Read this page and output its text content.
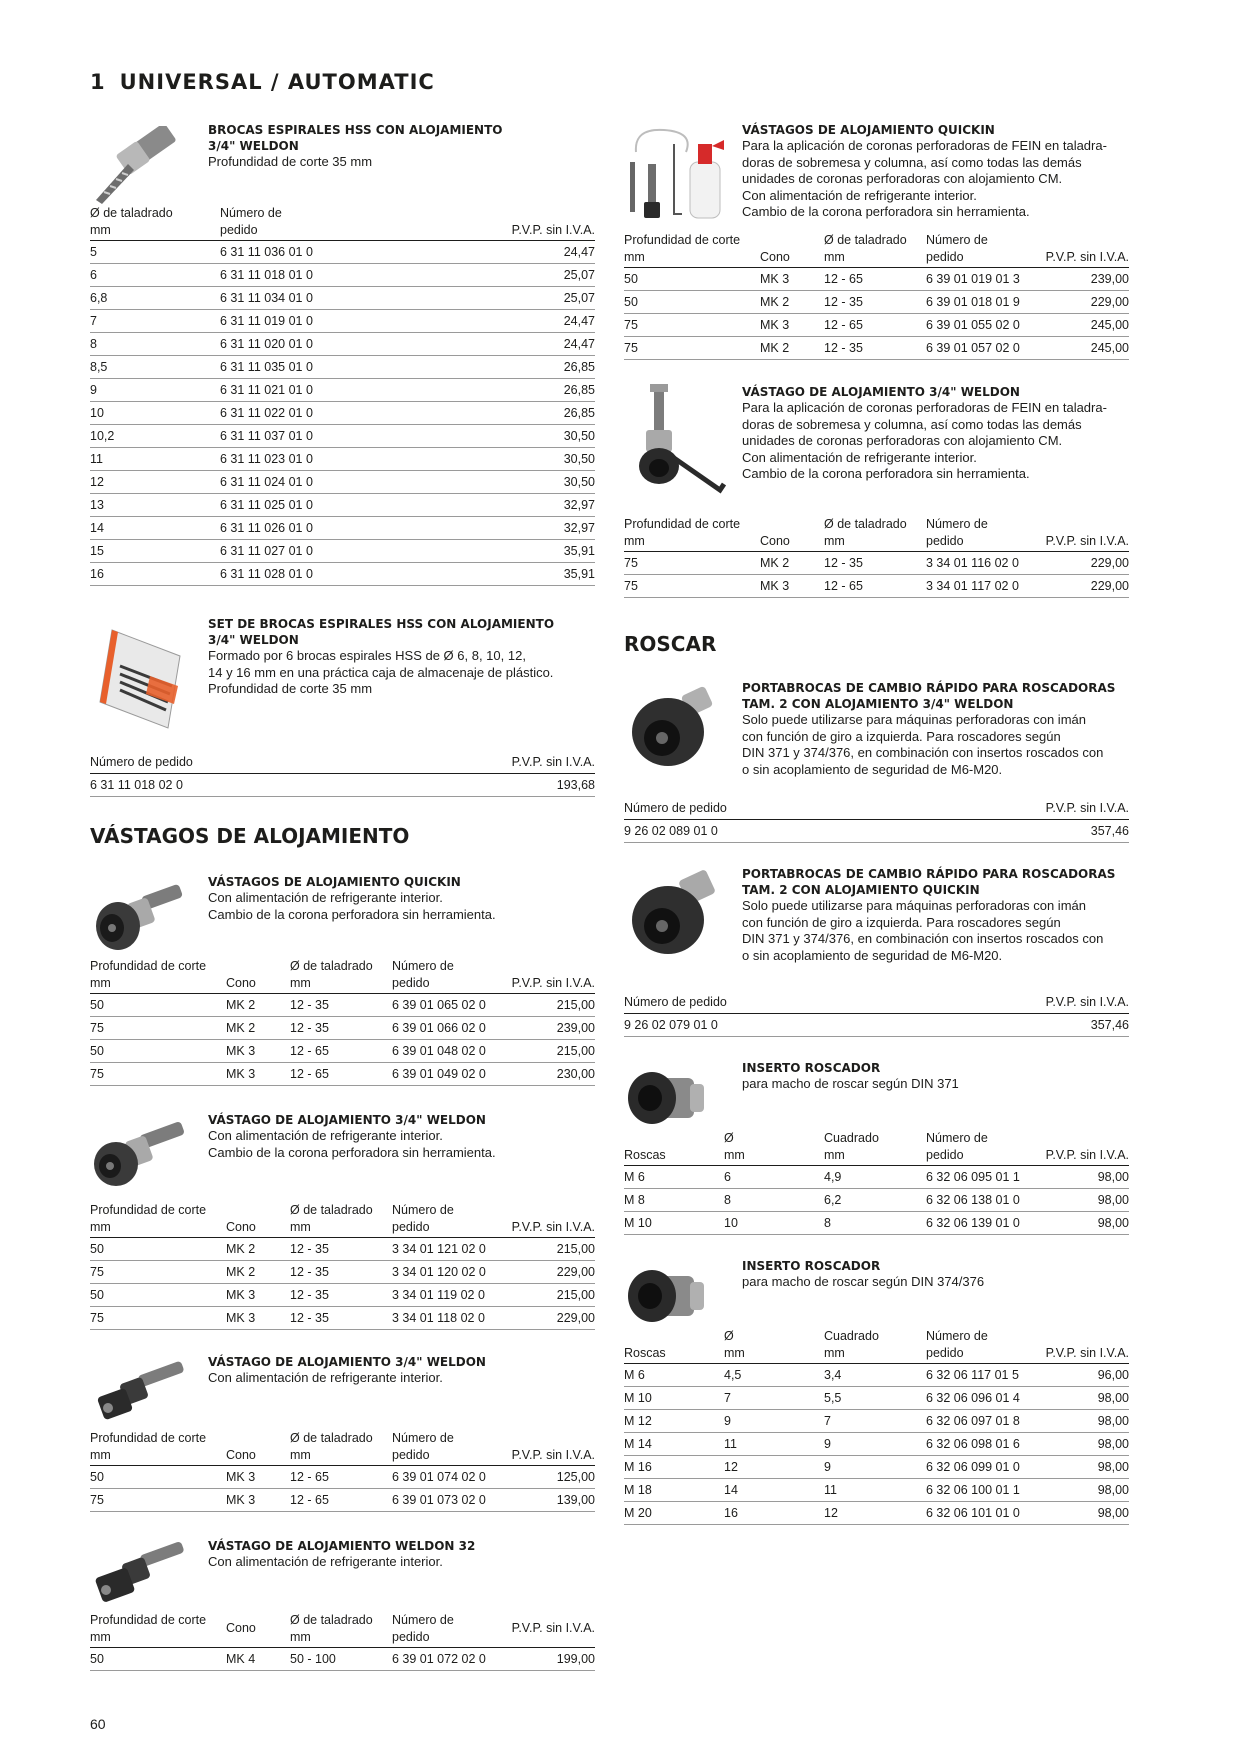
1 UNIVERSAL / AUTOMATIC
VÁSTAGOS DE ALOJAMIENTO
ROSCAR
BROCAS ESPIRALES HSS CON ALOJAMIENTO
3/4" WELDON
Profundidad de corte 35 mm
Ø de taladrado
mm	Número de
pedido	P.V.P. sin I.V.A.
5	6 31 11 036 01 0	24,47
6	6 31 11 018 01 0	25,07
6,8	6 31 11 034 01 0	25,07
7	6 31 11 019 01 0	24,47
8	6 31 11 020 01 0	24,47
8,5	6 31 11 035 01 0	26,85
9	6 31 11 021 01 0	26,85
10	6 31 11 022 01 0	26,85
10,2	6 31 11 037 01 0	30,50
11	6 31 11 023 01 0	30,50
12	6 31 11 024 01 0	30,50
13	6 31 11 025 01 0	32,97
14	6 31 11 026 01 0	32,97
15	6 31 11 027 01 0	35,91
16	6 31 11 028 01 0	35,91
SET DE BROCAS ESPIRALES HSS CON ALOJAMIENTO
3/4" WELDON
Formado por 6 brocas espirales HSS de Ø 6, 8, 10, 12,
14 y 16 mm en una práctica caja de almacenaje de plástico.
Profundidad de corte 35 mm
Número de pedido	P.V.P. sin I.V.A.
6 31 11 018 02 0	193,68
VÁSTAGOS DE ALOJAMIENTO QUICKIN
Con alimentación de refrigerante interior.
Cambio de la corona perforadora sin herramienta.
Profundidad de corte
mm	Cono	Ø de taladrado
mm	Número de
pedido	P.V.P. sin I.V.A.
50	MK 2	12 - 35	6 39 01 065 02 0	215,00
75	MK 2	12 - 35	6 39 01 066 02 0	239,00
50	MK 3	12 - 65	6 39 01 048 02 0	215,00
75	MK 3	12 - 65	6 39 01 049 02 0	230,00
VÁSTAGO DE ALOJAMIENTO 3/4" WELDON
Con alimentación de refrigerante interior.
Cambio de la corona perforadora sin herramienta.
Profundidad de corte
mm	Cono	Ø de taladrado
mm	Número de
pedido	P.V.P. sin I.V.A.
50	MK 2	12 - 35	3 34 01 121 02 0	215,00
75	MK 2	12 - 35	3 34 01 120 02 0	229,00
50	MK 3	12 - 35	3 34 01 119 02 0	215,00
75	MK 3	12 - 35	3 34 01 118 02 0	229,00
VÁSTAGO DE ALOJAMIENTO 3/4" WELDON
Con alimentación de refrigerante interior.
Profundidad de corte
mm	Cono	Ø de taladrado
mm	Número de
pedido	P.V.P. sin I.V.A.
50	MK 3	12 - 65	6 39 01 074 02 0	125,00
75	MK 3	12 - 65	6 39 01 073 02 0	139,00
VÁSTAGO DE ALOJAMIENTO WELDON 32
Con alimentación de refrigerante interior.
Profundidad de corte
mm	Cono	Ø de taladrado
mm	Número de
pedido	P.V.P. sin I.V.A.
50	MK 4	50 - 100	6 39 01 072 02 0	199,00
VÁSTAGOS DE ALOJAMIENTO QUICKIN
Para la aplicación de coronas perforadoras de FEIN en taladra-
doras de sobremesa y columna, así como todas las demás
unidades de coronas perforadoras con alojamiento CM.
Con alimentación de refrigerante interior.
Cambio de la corona perforadora sin herramienta.
Profundidad de corte
mm	Cono	Ø de taladrado
mm	Número de
pedido	P.V.P. sin I.V.A.
50	MK 3	12 - 65	6 39 01 019 01 3	239,00
50	MK 2	12 - 35	6 39 01 018 01 9	229,00
75	MK 3	12 - 65	6 39 01 055 02 0	245,00
75	MK 2	12 - 35	6 39 01 057 02 0	245,00
VÁSTAGO DE ALOJAMIENTO 3/4" WELDON
Para la aplicación de coronas perforadoras de FEIN en taladra-
doras de sobremesa y columna, así como todas las demás
unidades de coronas perforadoras con alojamiento CM.
Con alimentación de refrigerante interior.
Cambio de la corona perforadora sin herramienta.
Profundidad de corte
mm	Cono	Ø de taladrado
mm	Número de
pedido	P.V.P. sin I.V.A.
75	MK 2	12 - 35	3 34 01 116 02 0	229,00
75	MK 3	12 - 65	3 34 01 117 02 0	229,00
PORTABROCAS DE CAMBIO RÁPIDO PARA ROSCADORAS
TAM. 2 CON ALOJAMIENTO 3/4" WELDON
Solo puede utilizarse para máquinas perforadoras con imán
con función de giro a izquierda. Para roscadores según
DIN 371 y 374/376, en combinación con insertos roscados con
o sin acoplamiento de seguridad de M6-M20.
Número de pedido	P.V.P. sin I.V.A.
9 26 02 089 01 0	357,46
PORTABROCAS DE CAMBIO RÁPIDO PARA ROSCADORAS
TAM. 2 CON ALOJAMIENTO QUICKIN
Solo puede utilizarse para máquinas perforadoras con imán
con función de giro a izquierda. Para roscadores según
DIN 371 y 374/376, en combinación con insertos roscados con
o sin acoplamiento de seguridad de M6-M20.
Número de pedido	P.V.P. sin I.V.A.
9 26 02 079 01 0	357,46
INSERTO ROSCADOR
para macho de roscar según DIN 371

Roscas	Ø
mm	Cuadrado
mm	Número de
pedido	P.V.P. sin I.V.A.
M 6	6	4,9	6 32 06 095 01 1	98,00
M 8	8	6,2	6 32 06 138 01 0	98,00
M 10	10	8	6 32 06 139 01 0	98,00
INSERTO ROSCADOR
para macho de roscar según DIN 374/376

Roscas	Ø
mm	Cuadrado
mm	Número de
pedido	P.V.P. sin I.V.A.
M 6	4,5	3,4	6 32 06 117 01 5	96,00
M 10	7	5,5	6 32 06 096 01 4	98,00
M 12	9	7	6 32 06 097 01 8	98,00
M 14	11	9	6 32 06 098 01 6	98,00
M 16	12	9	6 32 06 099 01 0	98,00
M 18	14	11	6 32 06 100 01 1	98,00
M 20	16	12	6 32 06 101 01 0	98,00
60
